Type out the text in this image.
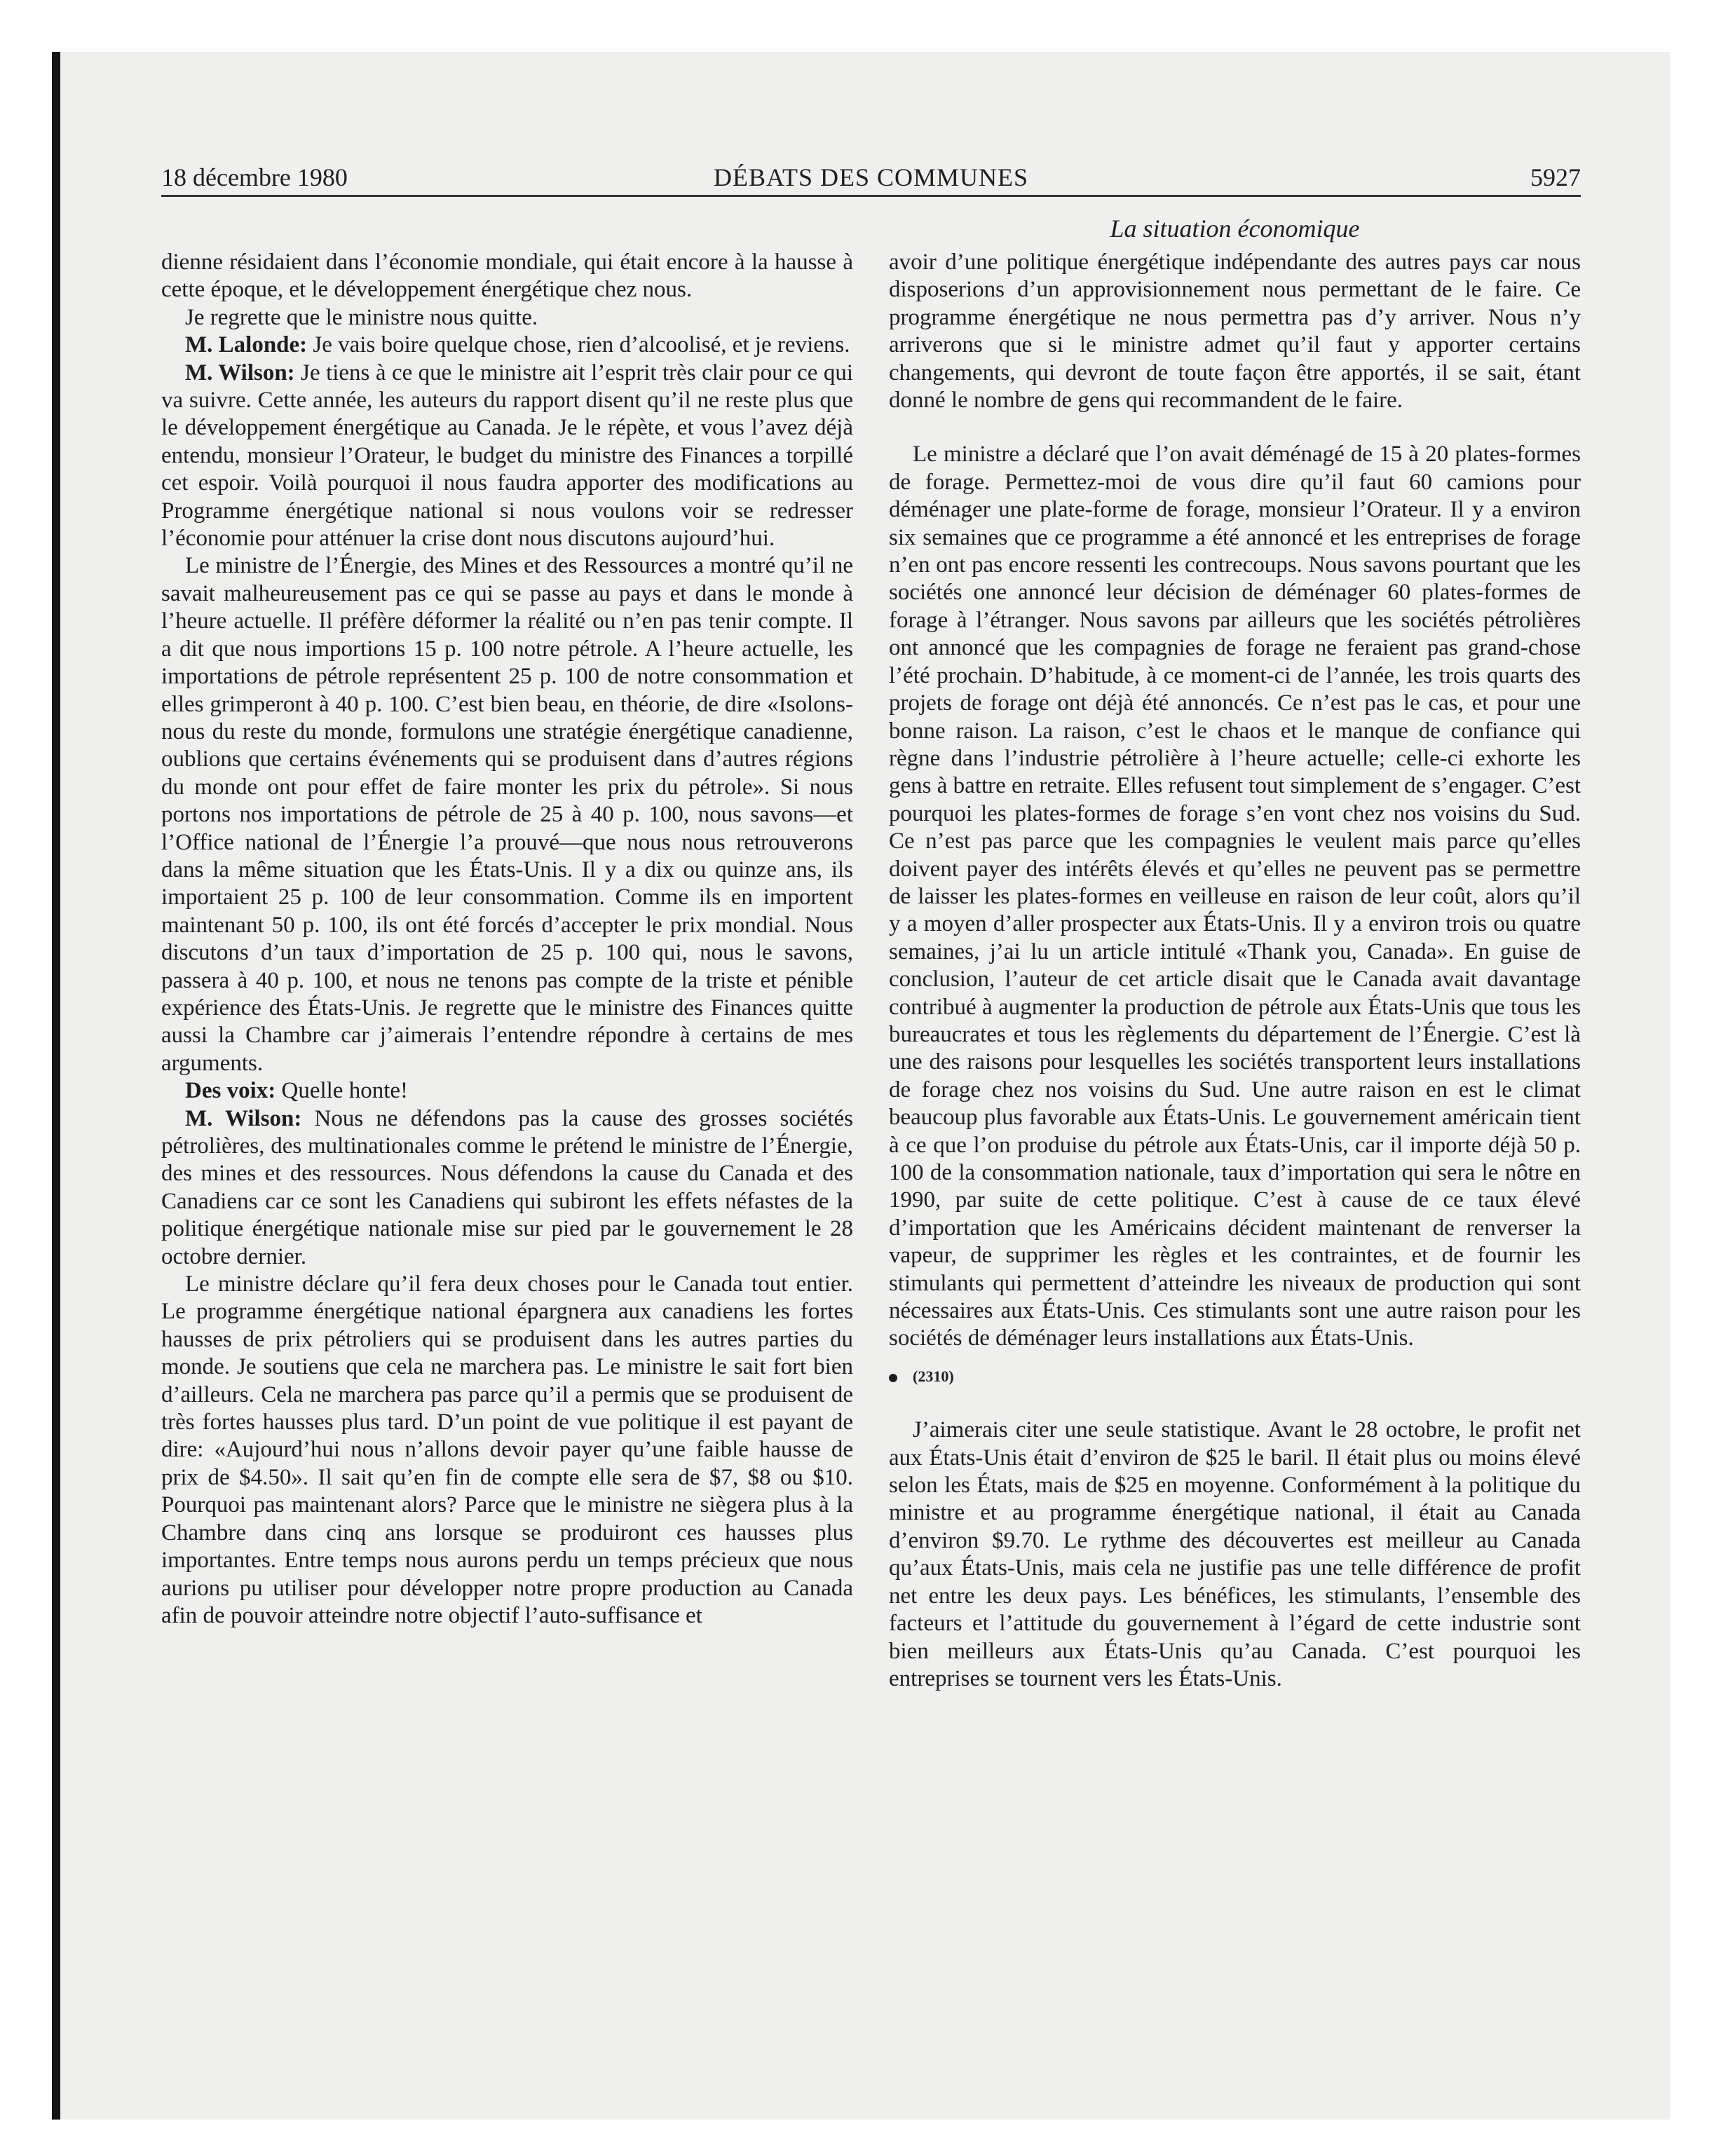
18 décembre 1980	DÉBATS DES COMMUNES	5927
La situation économique

dienne résidaient dans l’économie mondiale, qui était encore à la hausse à cette époque, et le développement énergétique chez nous.

Je regrette que le ministre nous quitte.

M. Lalonde: Je vais boire quelque chose, rien d’alcoolisé, et je reviens.

M. Wilson: Je tiens à ce que le ministre ait l’esprit très clair pour ce qui va suivre. Cette année, les auteurs du rapport disent qu’il ne reste plus que le développement énergétique au Canada. Je le répète, et vous l’avez déjà entendu, monsieur l’Orateur, le budget du ministre des Finances a torpillé cet espoir. Voilà pourquoi il nous faudra apporter des modifications au Programme énergétique national si nous voulons voir se redresser l’économie pour atténuer la crise dont nous discutons aujourd’hui.

Le ministre de l’Énergie, des Mines et des Ressources a montré qu’il ne savait malheureusement pas ce qui se passe au pays et dans le monde à l’heure actuelle. Il préfère déformer la réalité ou n’en pas tenir compte. Il a dit que nous importions 15 p. 100 notre pétrole. A l’heure actuelle, les importations de pétrole représentent 25 p. 100 de notre consommation et elles grimperont à 40 p. 100. C’est bien beau, en théorie, de dire «Isolons-nous du reste du monde, formulons une stratégie énergétique canadienne, oublions que certains événements qui se produisent dans d’autres régions du monde ont pour effet de faire monter les prix du pétrole». Si nous portons nos importations de pétrole de 25 à 40 p. 100, nous savons—et l’Office national de l’Énergie l’a prouvé—que nous nous retrouverons dans la même situation que les États-Unis. Il y a dix ou quinze ans, ils importaient 25 p. 100 de leur consommation. Comme ils en importent maintenant 50 p. 100, ils ont été forcés d’accepter le prix mondial. Nous discutons d’un taux d’importation de 25 p. 100 qui, nous le savons, passera à 40 p. 100, et nous ne tenons pas compte de la triste et pénible expérience des États-Unis. Je regrette que le ministre des Finances quitte aussi la Chambre car j’aimerais l’entendre répondre à certains de mes arguments.

Des voix: Quelle honte!

M. Wilson: Nous ne défendons pas la cause des grosses sociétés pétrolières, des multinationales comme le prétend le ministre de l’Énergie, des mines et des ressources. Nous défendons la cause du Canada et des Canadiens car ce sont les Canadiens qui subiront les effets néfastes de la politique énergétique nationale mise sur pied par le gouvernement le 28 octobre dernier.

Le ministre déclare qu’il fera deux choses pour le Canada tout entier. Le programme énergétique national épargnera aux canadiens les fortes hausses de prix pétroliers qui se produisent dans les autres parties du monde. Je soutiens que cela ne marchera pas. Le ministre le sait fort bien d’ailleurs. Cela ne marchera pas parce qu’il a permis que se produisent de très fortes hausses plus tard. D’un point de vue politique il est payant de dire: «Aujourd’hui nous n’allons devoir payer qu’une faible hausse de prix de $4.50». Il sait qu’en fin de compte elle sera de $7, $8 ou $10. Pourquoi pas maintenant alors? Parce que le ministre ne siègera plus à la Chambre dans cinq ans lorsque se produiront ces hausses plus importantes. Entre temps nous aurons perdu un temps précieux que nous aurions pu utiliser pour développer notre propre production au Canada afin de pouvoir atteindre notre objectif l’auto-suffisance et

avoir d’une politique énergétique indépendante des autres pays car nous disposerions d’un approvisionnement nous permettant de le faire. Ce programme énergétique ne nous permettra pas d’y arriver. Nous n’y arriverons que si le ministre admet qu’il faut y apporter certains changements, qui devront de toute façon être apportés, il se sait, étant donné le nombre de gens qui recommandent de le faire.

Le ministre a déclaré que l’on avait déménagé de 15 à 20 plates-formes de forage. Permettez-moi de vous dire qu’il faut 60 camions pour déménager une plate-forme de forage, monsieur l’Orateur. Il y a environ six semaines que ce programme a été annoncé et les entreprises de forage n’en ont pas encore ressenti les contrecoups. Nous savons pourtant que les sociétés one annoncé leur décision de déménager 60 plates-formes de forage à l’étranger. Nous savons par ailleurs que les sociétés pétrolières ont annoncé que les compagnies de forage ne feraient pas grand-chose l’été prochain. D’habitude, à ce moment-ci de l’année, les trois quarts des projets de forage ont déjà été annoncés. Ce n’est pas le cas, et pour une bonne raison. La raison, c’est le chaos et le manque de confiance qui règne dans l’industrie pétrolière à l’heure actuelle; celle-ci exhorte les gens à battre en retraite. Elles refusent tout simplement de s’engager. C’est pourquoi les plates-formes de forage s’en vont chez nos voisins du Sud. Ce n’est pas parce que les compagnies le veulent mais parce qu’elles doivent payer des intérêts élevés et qu’elles ne peuvent pas se permettre de laisser les plates-formes en veilleuse en raison de leur coût, alors qu’il y a moyen d’aller prospecter aux États-Unis. Il y a environ trois ou quatre semaines, j’ai lu un article intitulé «Thank you, Canada». En guise de conclusion, l’auteur de cet article disait que le Canada avait davantage contribué à augmenter la production de pétrole aux États-Unis que tous les bureaucrates et tous les règlements du département de l’Énergie. C’est là une des raisons pour lesquelles les sociétés transportent leurs installations de forage chez nos voisins du Sud. Une autre raison en est le climat beaucoup plus favorable aux États-Unis. Le gouvernement américain tient à ce que l’on produise du pétrole aux États-Unis, car il importe déjà 50 p. 100 de la consommation nationale, taux d’importation qui sera le nôtre en 1990, par suite de cette politique. C’est à cause de ce taux élevé d’importation que les Américains décident maintenant de renverser la vapeur, de supprimer les règles et les contraintes, et de fournir les stimulants qui permettent d’atteindre les niveaux de production qui sont nécessaires aux États-Unis. Ces stimulants sont une autre raison pour les sociétés de déménager leurs installations aux États-Unis.

(2310)

J’aimerais citer une seule statistique. Avant le 28 octobre, le profit net aux États-Unis était d’environ de $25 le baril. Il était plus ou moins élevé selon les États, mais de $25 en moyenne. Conformément à la politique du ministre et au programme énergétique national, il était au Canada d’environ $9.70. Le rythme des découvertes est meilleur au Canada qu’aux États-Unis, mais cela ne justifie pas une telle différence de profit net entre les deux pays. Les bénéfices, les stimulants, l’ensemble des facteurs et l’attitude du gouvernement à l’égard de cette industrie sont bien meilleurs aux États-Unis qu’au Canada. C’est pourquoi les entreprises se tournent vers les États-Unis.
